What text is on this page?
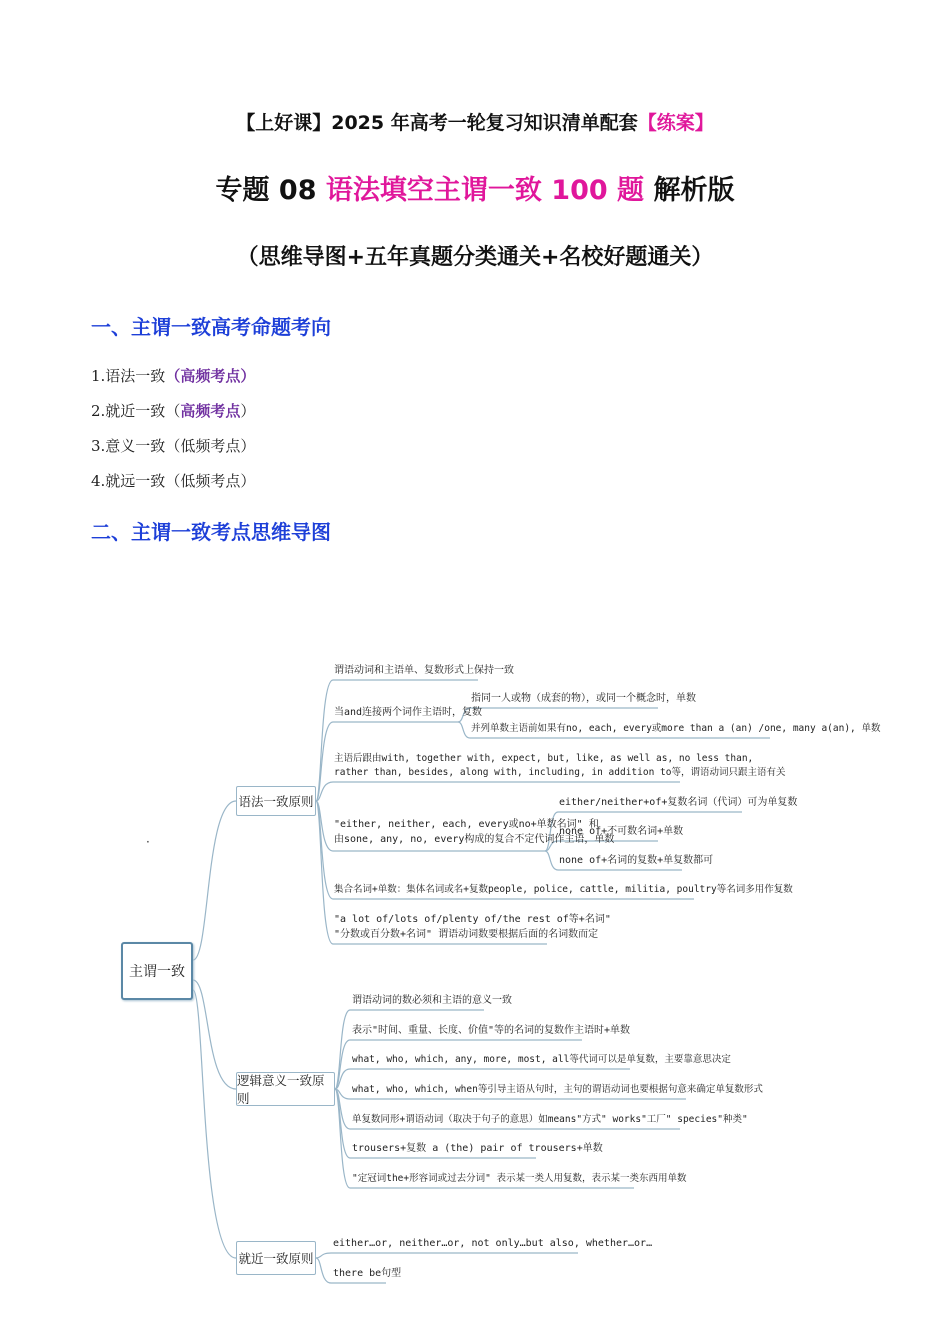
【上好课】2025 年高考一轮复习知识清单配套【练案】
专题 08 语法填空主谓一致 100 题 解析版
（思维导图+五年真题分类通关+名校好题通关）
一、主谓一致高考命题考向
1.语法一致（高频考点）
2.就近一致（高频考点）
3.意义一致（低频考点）
4.就远一致（低频考点）
二、主谓一致考点思维导图
·
主谓一致
语法一致原则
逻辑意义一致原则
就近一致原则
谓语动词和主语单、复数形式上保持一致
当and连接两个词作主语时，复数
指同一人或物（成套的物），或同一个概念时，单数
并列单数主语前如果有no, each, every或more than a (an) /one, many a(an), 单数
主语后跟由with, together with, expect, but, like, as well as, no less than,
rather than, besides, along with, including, in addition to等，谓语动词只跟主语有关
either/neither+of+复数名词（代词）可为单复数
"either, neither, each, every或no+单数名词" 和
由sone, any, no, every构成的复合不定代词作主语，单数
none of+不可数名词+单数
none of+名词的复数+单复数都可
集合名词+单数：集体名词或名+复数people, police, cattle, militia, poultry等名词多用作复数
"a lot of/lots of/plenty of/the rest of等+名词"
"分数或百分数+名词" 谓语动词数要根据后面的名词数而定
谓语动词的数必须和主语的意义一致
表示"时间、重量、长度、价值"等的名词的复数作主语时+单数
what, who, which, any, more, most, all等代词可以是单复数，主要靠意思决定
what, who, which, when等引导主语从句时，主句的谓语动词也要根据句意来确定单复数形式
单复数同形+谓语动词（取决于句子的意思）如means"方式" works"工厂" species"种类"
trousers+复数 a (the) pair of trousers+单数
"定冠词the+形容词或过去分词" 表示某一类人用复数，表示某一类东西用单数
either…or, neither…or, not only…but also, whether…or…
there be句型
